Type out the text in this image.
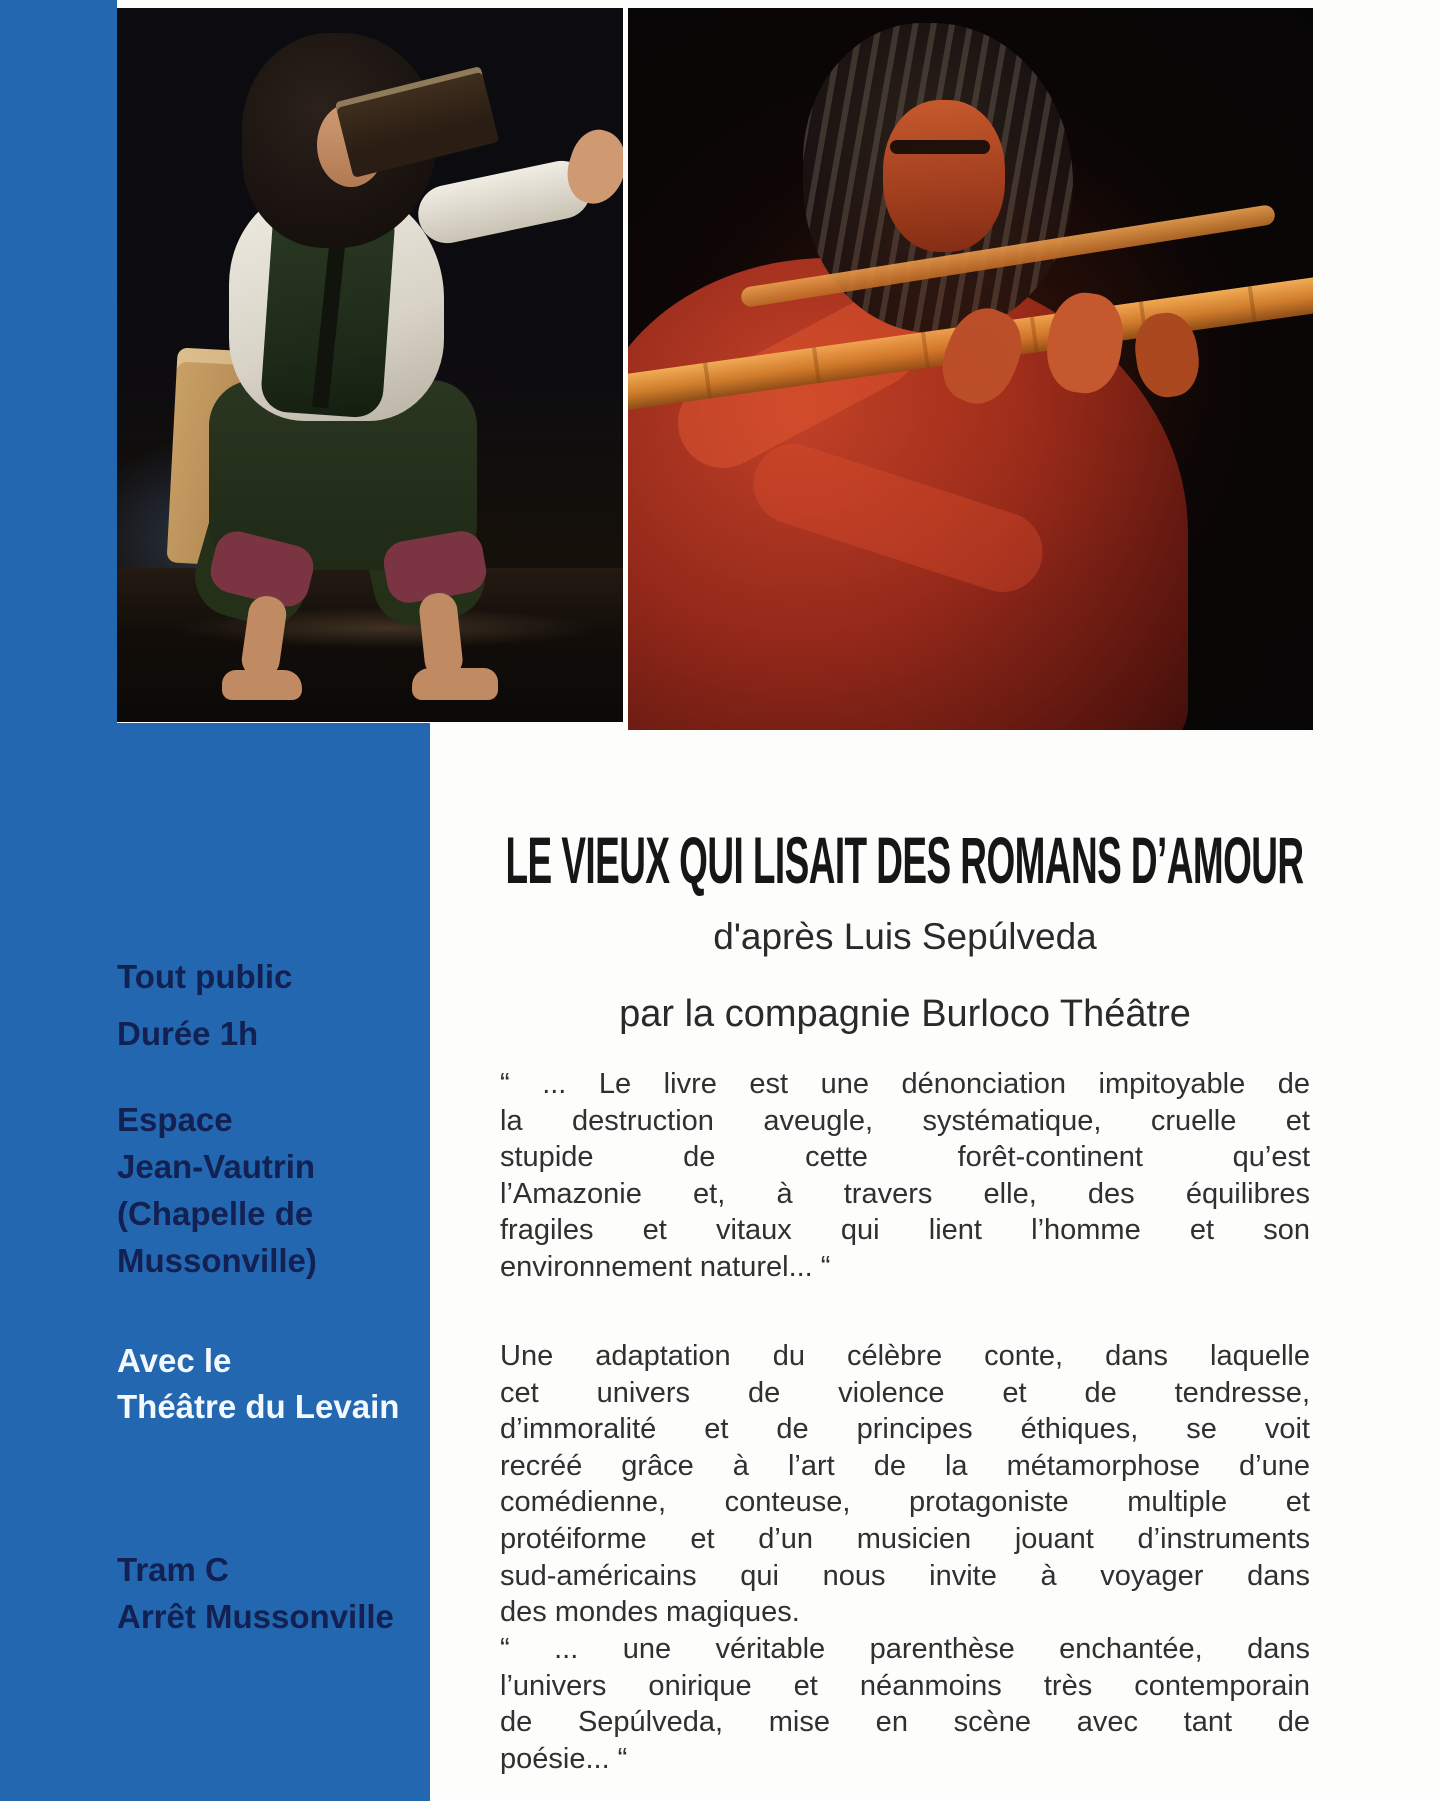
Tout public
Durée 1h
Espace
Jean-Vautrin
(Chapelle de
Mussonville)
Avec le
Théâtre du Levain
Tram C
Arrêt Mussonville
LE VIEUX QUI LISAIT DES ROMANS D’AMOUR
d'après Luis Sepúlveda
par la compagnie Burloco Théâtre
“ ... Le livre est une dénonciation impitoyable de
la destruction aveugle, systématique, cruelle et
stupide de cette forêt-continent qu’est
l’Amazonie et, à travers elle, des équilibres
fragiles et vitaux qui lient l’homme et son
environnement naturel... “
Une adaptation du célèbre conte, dans laquelle
cet univers de violence et de tendresse,
d’immoralité et de principes éthiques, se voit
recréé grâce à l’art de la métamorphose d’une
comédienne, conteuse, protagoniste multiple et
protéiforme et d’un musicien jouant d’instruments
sud-américains qui nous invite à voyager dans
des mondes magiques.
“ ... une véritable parenthèse enchantée, dans
l’univers onirique et néanmoins très contemporain
de Sepúlveda, mise en scène avec tant de
poésie... “
